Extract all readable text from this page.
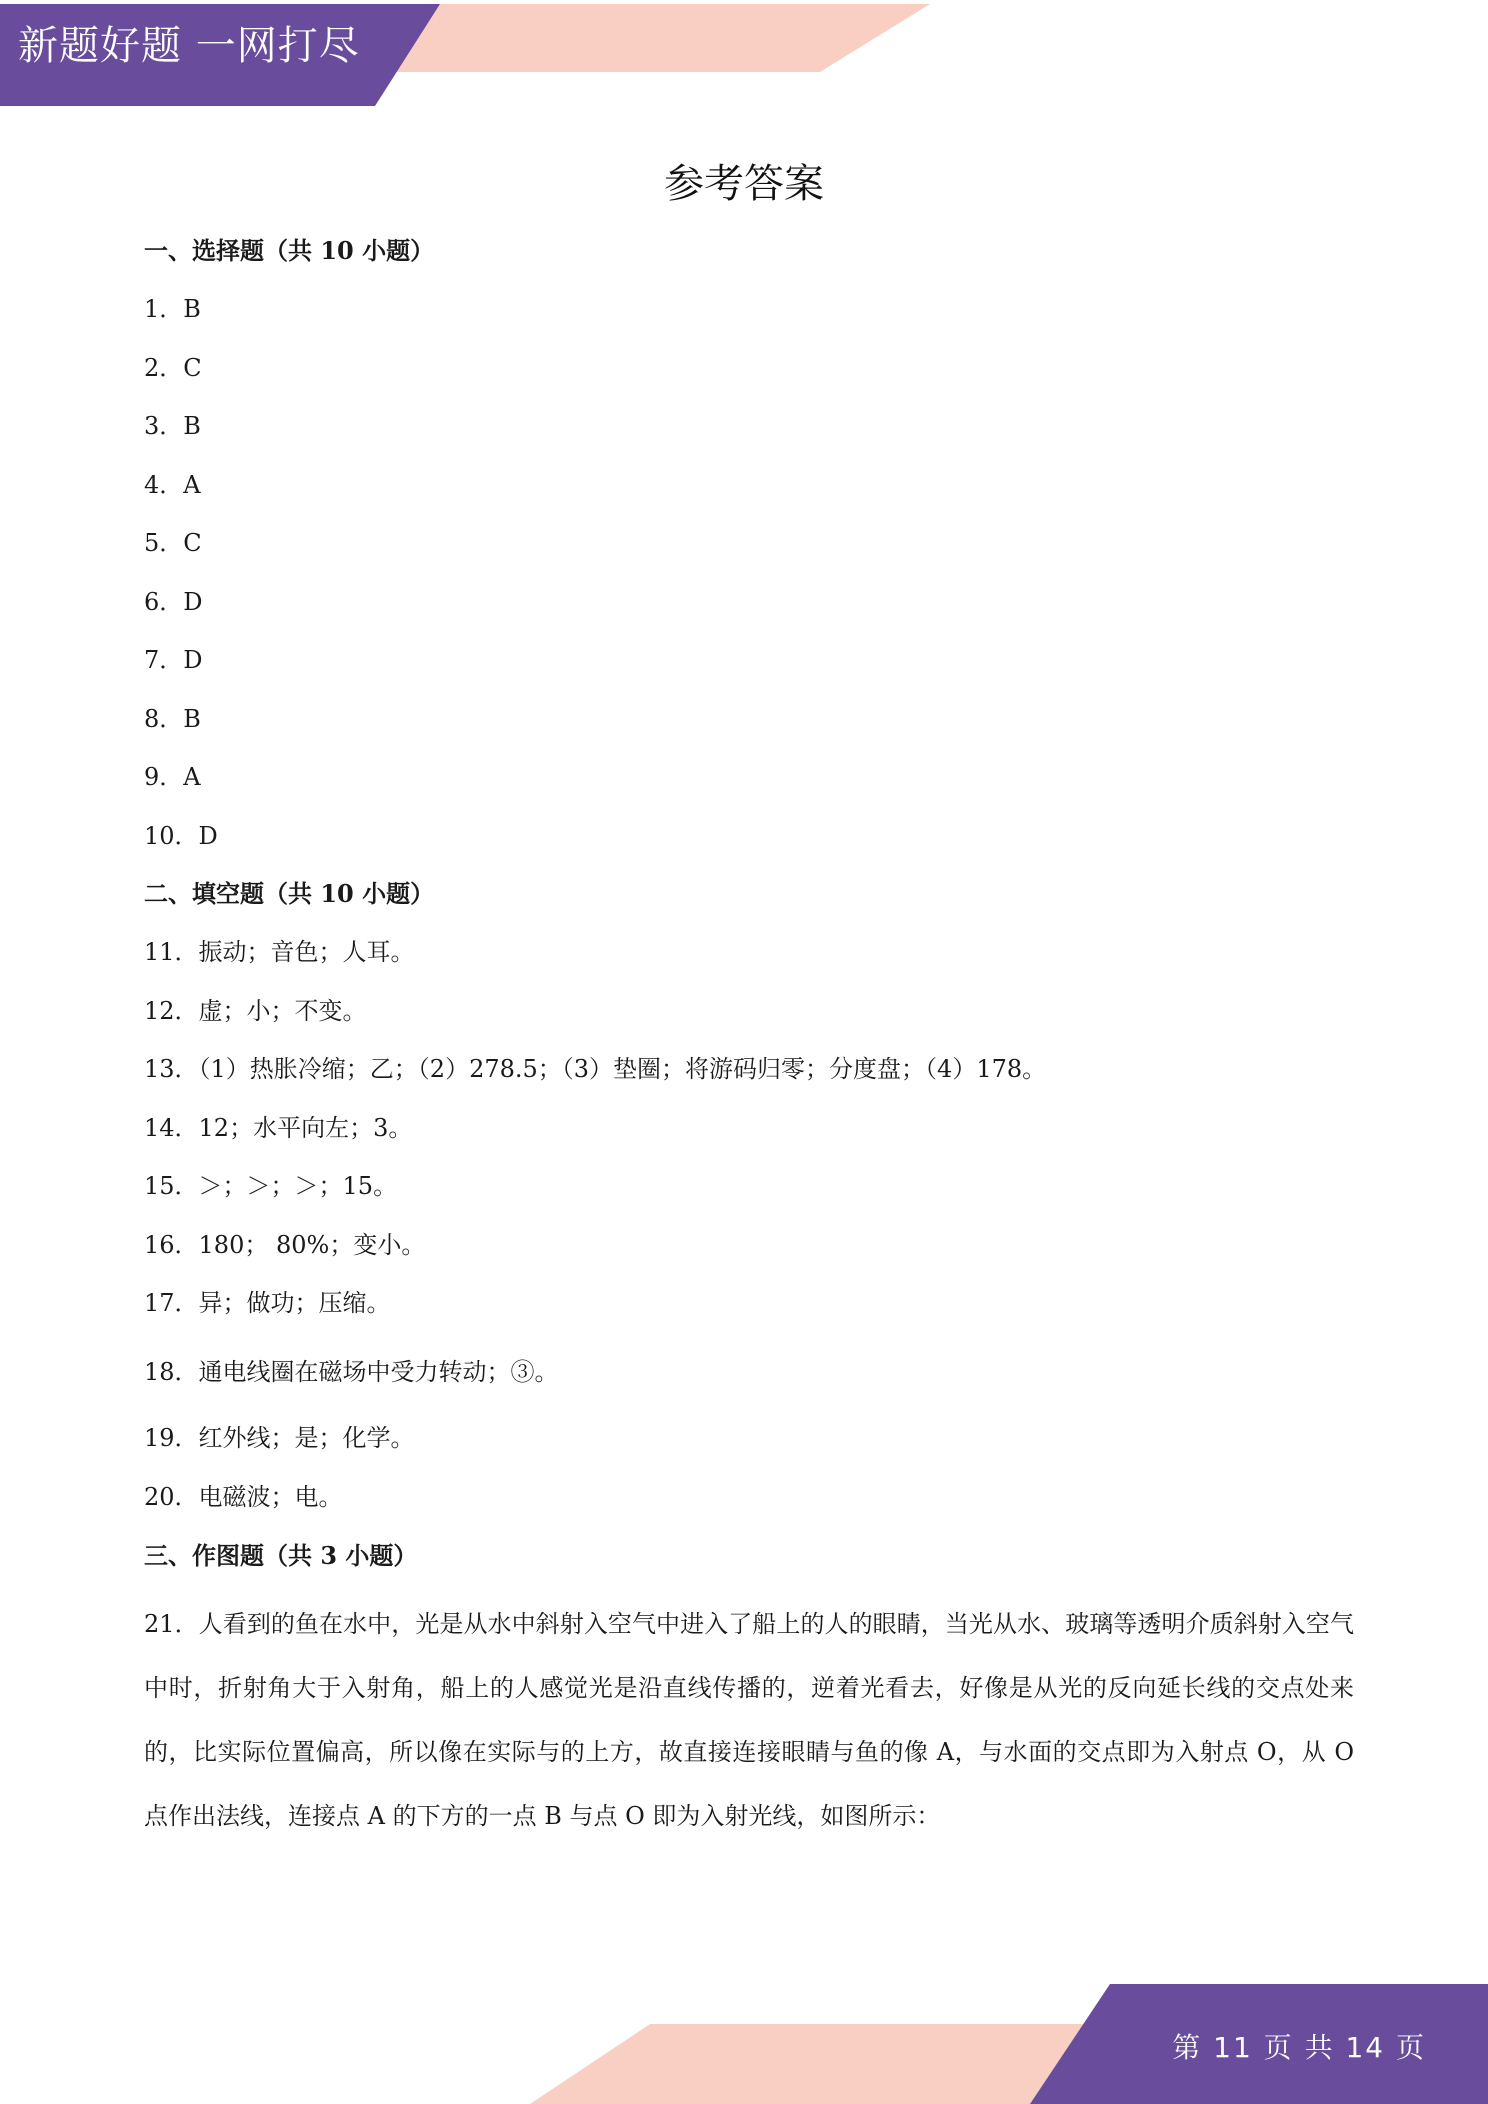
新题好题 一网打尽
参考答案
一、选择题（共 10 小题）
1．B
2．C
3．B
4．A
5．C
6．D
7．D
8．B
9．A
10．D
二、填空题（共 10 小题）
11．振动；音色；人耳。
12．虚；小；不变。
13．（1）热胀冷缩；乙；（2）278.5；（3）垫圈；将游码归零；分度盘；（4）178。
14．12；水平向左；3。
15．＞；＞；＞；15。
16．180； 80%；变小。
17．异；做功；压缩。
18．通电线圈在磁场中受力转动；③。
19．红外线；是；化学。
20．电磁波；电。
三、作图题（共 3 小题）
21．人看到的鱼在水中，光是从水中斜射入空气中进入了船上的人的眼睛，当光从水、玻璃等透明介质斜射入空气中时，折射角大于入射角，船上的人感觉光是沿直线传播的，逆着光看去，好像是从光的反向延长线的交点处来的，比实际位置偏高，所以像在实际与的上方，故直接连接眼睛与鱼的像 A，与水面的交点即为入射点 O，从 O 点作出法线，连接点 A 的下方的一点 B 与点 O 即为入射光线，如图所示：
第 11 页 共 14 页
